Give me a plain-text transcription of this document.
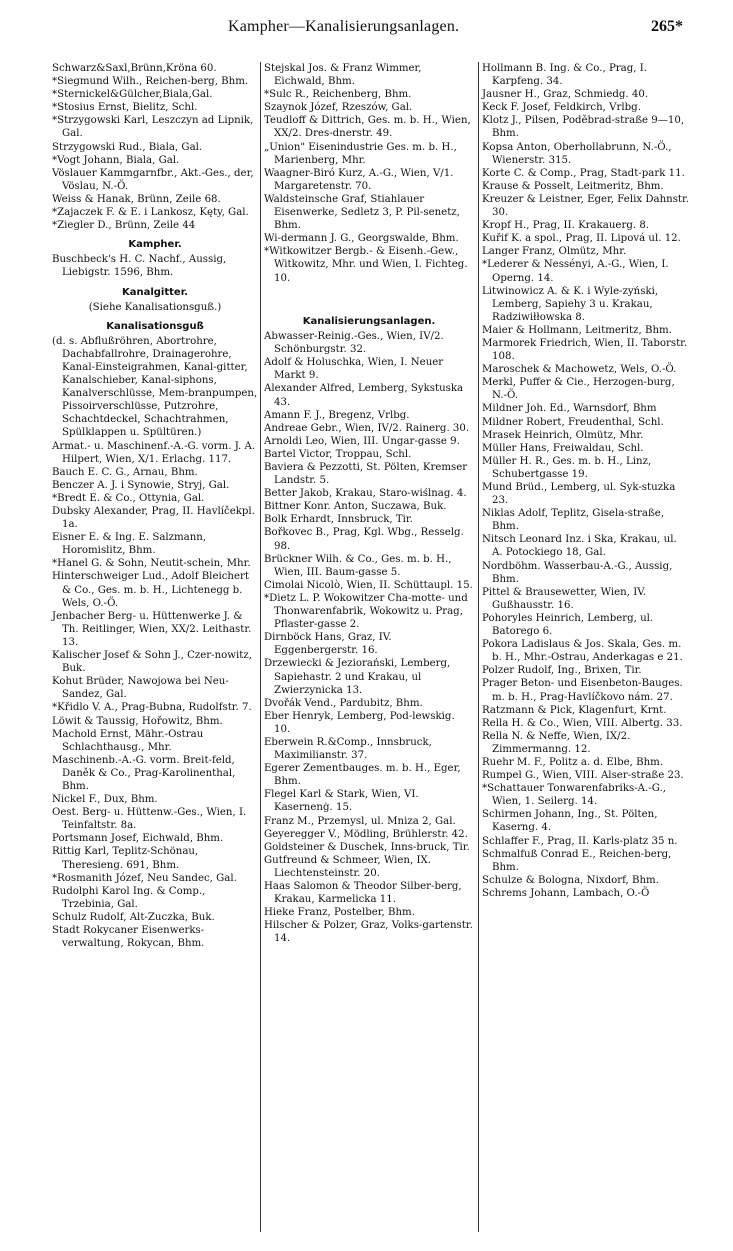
Kampher—Kanalisierungsanlagen.	265*

Schwarz&Saxl,Brünn,Kröna 60.

*Siegmund Wilh., Reichen-berg, Bhm.

*Sternickel&Gülcher,Biala,Gal.

*Stosius Ernst, Bielitz, Schl.

*Strzygowski Karl, Leszczyn ad Lipnik, Gal.

Strzygowski Rud., Biala, Gal.

*Vogt Johann, Biala, Gal.

Vöslauer Kammgarnfbr., Akt.-Ges., der, Vöslau, N.-Ö.

Weiss & Hanak, Brünn, Zeile 68.

*Zajaczek F. & E. i Lankosz, Kęty, Gal.

*Ziegler D., Brünn, Zeile 44

Kampher.

Buschbeck's H. C. Nachf., Aussig, Liebigstr. 1596, Bhm.

Kanalgitter.

(Siehe Kanalisationsguß.)

Kanalisationsguß

(d. s. Abflußröhren, Abortrohre, Dachabfallrohre, Drainagerohre, Kanal-Einsteigrahmen, Kanal-gitter, Kanalschieber, Kanal-siphons, Kanalverschlüsse, Mem-branpumpen, Pissoirverschlüsse, Putzrohre, Schachtdeckel, Schachtrahmen, Spülklappen u. Spültüren.)

Armat.- u. Maschinenf.-A.-G. vorm. J. A. Hilpert, Wien, X/1. Erlachg. 117.

Bauch E. C. G., Arnau, Bhm.

Benczer A. J. i Synowie, Stryj, Gal.

*Bredt E. & Co., Ottynia, Gal.

Dubsky Alexander, Prag, II. Havlíčekpl. 1a.

Eisner E. & Ing. E. Salzmann, Horomislitz, Bhm.

*Hanel G. & Sohn, Neutit-schein, Mhr.

Hinterschweiger Lud., Adolf Bleichert & Co., Ges. m. b. H., Lichtenegg b. Wels, O.-Ö.

Jenbacher Berg- u. Hüttenwerke J. & Th. Reitlinger, Wien, XX/2. Leithastr. 13.

Kalischer Josef & Sohn J., Czer-nowitz, Buk.

Kohut Brüder, Nawojowa bei Neu-Sandez, Gal.

*Křidlo V. A., Prag-Bubna, Rudolfstr. 7.

Löwit & Taussig, Hořowitz, Bhm.

Machold Ernst, Mähr.-Ostrau Schlachthausg., Mhr.

Maschinenb.-A.-G. vorm. Breit-feld, Daněk & Co., Prag-Karolinenthal, Bhm.

Nickel F., Dux, Bhm.

Oest. Berg- u. Hüttenw.-Ges., Wien, I. Teinfaltstr. 8a.

Portsmann Josef, Eichwald, Bhm.

Rittig Karl, Teplitz-Schönau, Theresieng. 691, Bhm.

*Rosmanith Józef, Neu Sandec, Gal.

Rudolphi Karol Ing. & Comp., Trzebinia, Gal.

Schulz Rudolf, Alt-Zuczka, Buk.

Stadt Rokycaner Eisenwerks-verwaltung, Rokycan, Bhm.

Stejskal Jos. & Franz Wimmer, Eichwald, Bhm.

*Sulc R., Reichenberg, Bhm.

Szaynok Józef, Rzeszów, Gal.

Teudloff & Dittrich, Ges. m. b. H., Wien, XX/2. Dres-dnerstr. 49.

„Union" Eisenindustrie Ges. m. b. H., Marienberg, Mhr.

Waagner-Biró Kurz, A.-G., Wien, V/1. Margaretenstr. 70.

Waldsteinsche Graf, Stiahlauer Eisenwerke, Sedletz 3, P. Pil-senetz, Bhm.

Wi-dermann J. G., Georgswalde, Bhm.

*Witkowitzer Bergb.- & Eisenh.-Gew., Witkowitz, Mhr. und Wien, I. Fichteg. 10.

Kanalisierungsanlagen.

Abwasser-Reinig.-Ges., Wien, IV/2. Schönburgstr. 32.

Adolf & Holuschka, Wien, I. Neuer Markt 9.

Alexander Alfred, Lemberg, Sykstuska 43.

Amann F. J., Bregenz, Vrlbg.

Andreae Gebr., Wien, IV/2. Rainerg. 30.

Arnoldi Leo, Wien, III. Ungar-gasse 9.

Bartel Victor, Troppau, Schl.

Baviera & Pezzotti, St. Pölten, Kremser Landstr. 5.

Better Jakob, Krakau, Staro-wiślnag. 4.

Bittner Konr. Anton, Suczawa, Buk.

Bolk Erhardt, Innsbruck, Tir.

Bořkovec B., Prag, Kgl. Wbg., Resselg. 98.

Brückner Wilh. & Co., Ges. m. b. H., Wien, III. Baum-gasse 5.

Cimolai Nicolò, Wien, II. Schüttaupl. 15.

*Dietz L. P. Wokowitzer Cha-motte- und Thonwarenfabrik, Wokowitz u. Prag, Pflaster-gasse 2.

Dirnböck Hans, Graz, IV. Eggenbergerstr. 16.

Drzewiecki & Jeziorański, Lemberg, Sapiehastr. 2 und Krakau, ul Zwierzynicka 13.

Dvořák Vend., Pardubitz, Bhm.

Eber Henryk, Lemberg, Pod-lewskig. 10.

Eberwein R.&Comp., Innsbruck, Maximilianstr. 37.

Egerer Zementbauges. m. b. H., Eger, Bhm.

Flegel Karl & Stark, Wien, VI. Kasernenġ. 15.

Franz M., Przemysl, ul. Mniza 2, Gal.

Geyeregger V., Mödling, Brühlerstr. 42.

Goldsteiner & Duschek, Inns-bruck, Tir.

Gutfreund & Schmeer, Wien, IX. Liechtensteinstr. 20.

Haas Salomon & Theodor Silber-berg, Krakau, Karmelicka 11.

Hieke Franz, Postelber, Bhm.

Hilscher & Polzer, Graz, Volks-gartenstr. 14.

Hollmann B. Ing. & Co., Prag, I. Karpfeng. 34.

Jausner H., Graz, Schmiedg. 40.

Keck F. Josef, Feldkirch, Vrlbg.

Klotz J., Pilsen, Poděbrad-straße 9—10, Bhm.

Kopsa Anton, Oberhollabrunn, N.-Ö., Wienerstr. 315.

Korte C. & Comp., Prag, Stadt-park 11.

Krause & Posselt, Leitmeritz, Bhm.

Kreuzer & Leistner, Eger, Felix Dahnstr. 30.

Kropf H., Prag, II. Krakauerg. 8.

Kuřif K. a spol., Prag, II. Lipová ul. 12.

Langer Franz, Olmütz, Mhr.

*Lederer & Nessényi, A.-G., Wien, I. Operng. 14.

Litwinowicz A. & K. i Wyle-zyński, Lemberg, Sapiehy 3 u. Krakau, Radziwiłłowska 8.

Maier & Hollmann, Leitmeritz, Bhm.

Marmorek Friedrich, Wien, II. Taborstr. 108.

Maroschek & Machowetz, Wels, O.-Ö.

Merkl, Puffer & Cie., Herzogen-burg, N.-Ö.

Mildner Joh. Ed., Warnsdorf, Bhm

Mildner Robert, Freudenthal, Schl.

Mrasek Heinrich, Olmütz, Mhr.

Müller Hans, Freiwaldau, Schl.

Müller H. R., Ges. m. b. H., Linz, Schubertgasse 19.

Mund Brüd., Lemberg, ul. Syk-stuzka 23.

Niklas Adolf, Teplitz, Gisela-straße, Bhm.

Nitsch Leonard Inz. i Ska, Krakau, ul. A. Potockiego 18, Gal.

Nordböhm. Wasserbau-A.-G., Aussig, Bhm.

Pittel & Brausewetter, Wien, IV. Gußhausstr. 16.

Pohoryles Heinrich, Lemberg, ul. Batorego 6.

Pokora Ladislaus & Jos. Skala, Ges. m. b. H., Mhr.-Ostrau, Anderkagas e 21.

Polzer Rudolf, Ing., Brixen, Tir.

Prager Beton- und Eisenbeton-Bauges. m. b. H., Prag-Havlíčkovo nám. 27.

Ratzmann & Pick, Klagenfurt, Krnt.

Rella H. & Co., Wien, VIII. Albertg. 33.

Rella N. & Neffe, Wien, IX/2. Zimmermanng. 12.

Ruehr M. F., Politz a. d. Elbe, Bhm.

Rumpel G., Wien, VIII. Alser-straße 23.

*Schattauer Tonwarenfabriks-A.-G., Wien, 1. Seilerg. 14.

Schirmen Johann, Ing., St. Pölten, Kaserng. 4.

Schlaffer F., Prag, II. Karls-platz 35 n.

Schmalfuß Conrad E., Reichen-berg, Bhm.

Schulze & Bologna, Nixdorf, Bhm.

Schrems Johann, Lambach, O.-Ö
